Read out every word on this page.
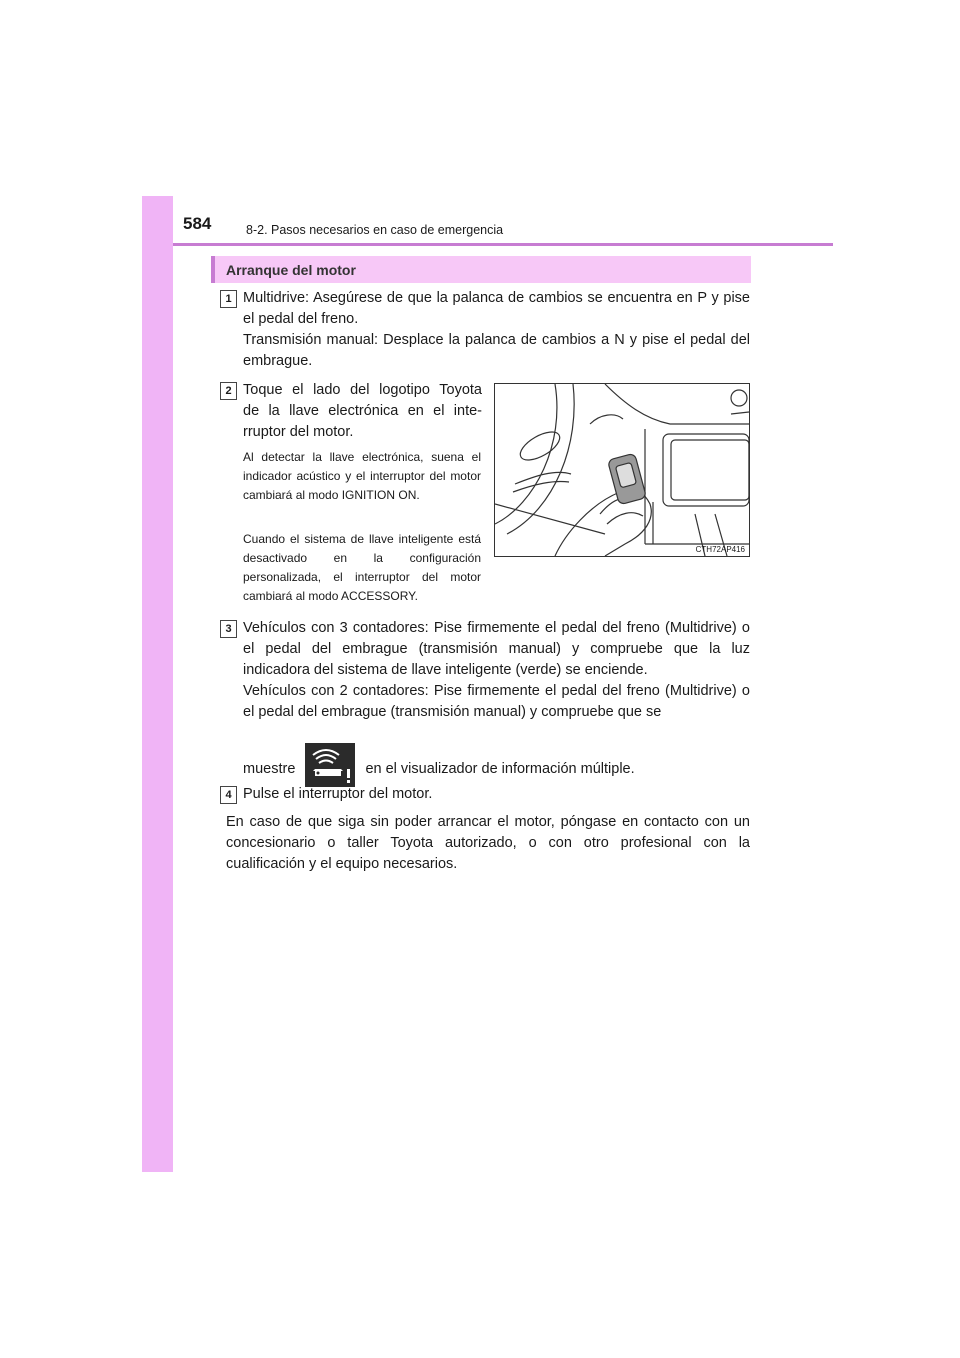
584	8-2. Pasos necesarios en caso de emergencia
Arranque del motor
1 Multidrive: Asegúrese de que la palanca de cambios se encuentra en P y pise el pedal del freno.

Transmisión manual: Desplace la palanca de cambios a N y pise el pedal del embrague.

2 Toque el lado del logotipo Toyota

de la llave electrónica en el inte-

rruptor del motor.

Al detectar la llave electrónica, suena el indicador acústico y el interruptor del motor cambiará al modo IGNITION ON.

Cuando el sistema de llave inteligente está desactivado en la configuración personalizada, el interruptor del motor cambiará al modo ACCESSORY.

CTH72AP416
3 Vehículos con 3 contadores: Pise firmemente el pedal del freno (Multidrive) o el pedal del embrague (transmisión manual) y compruebe que la luz indicadora del sistema de llave inteligente (verde) se enciende.

Vehículos con 2 contadores: Pise firmemente el pedal del freno (Multidrive) o el pedal del embrague (transmisión manual) y compruebe que se

muestre	en el visualizador de información múltiple.

4 Pulse el interruptor del motor.

En caso de que siga sin poder arrancar el motor, póngase en contacto con un concesionario o taller Toyota autorizado, o con otro profesional con la cualificación y el equipo necesarios.
